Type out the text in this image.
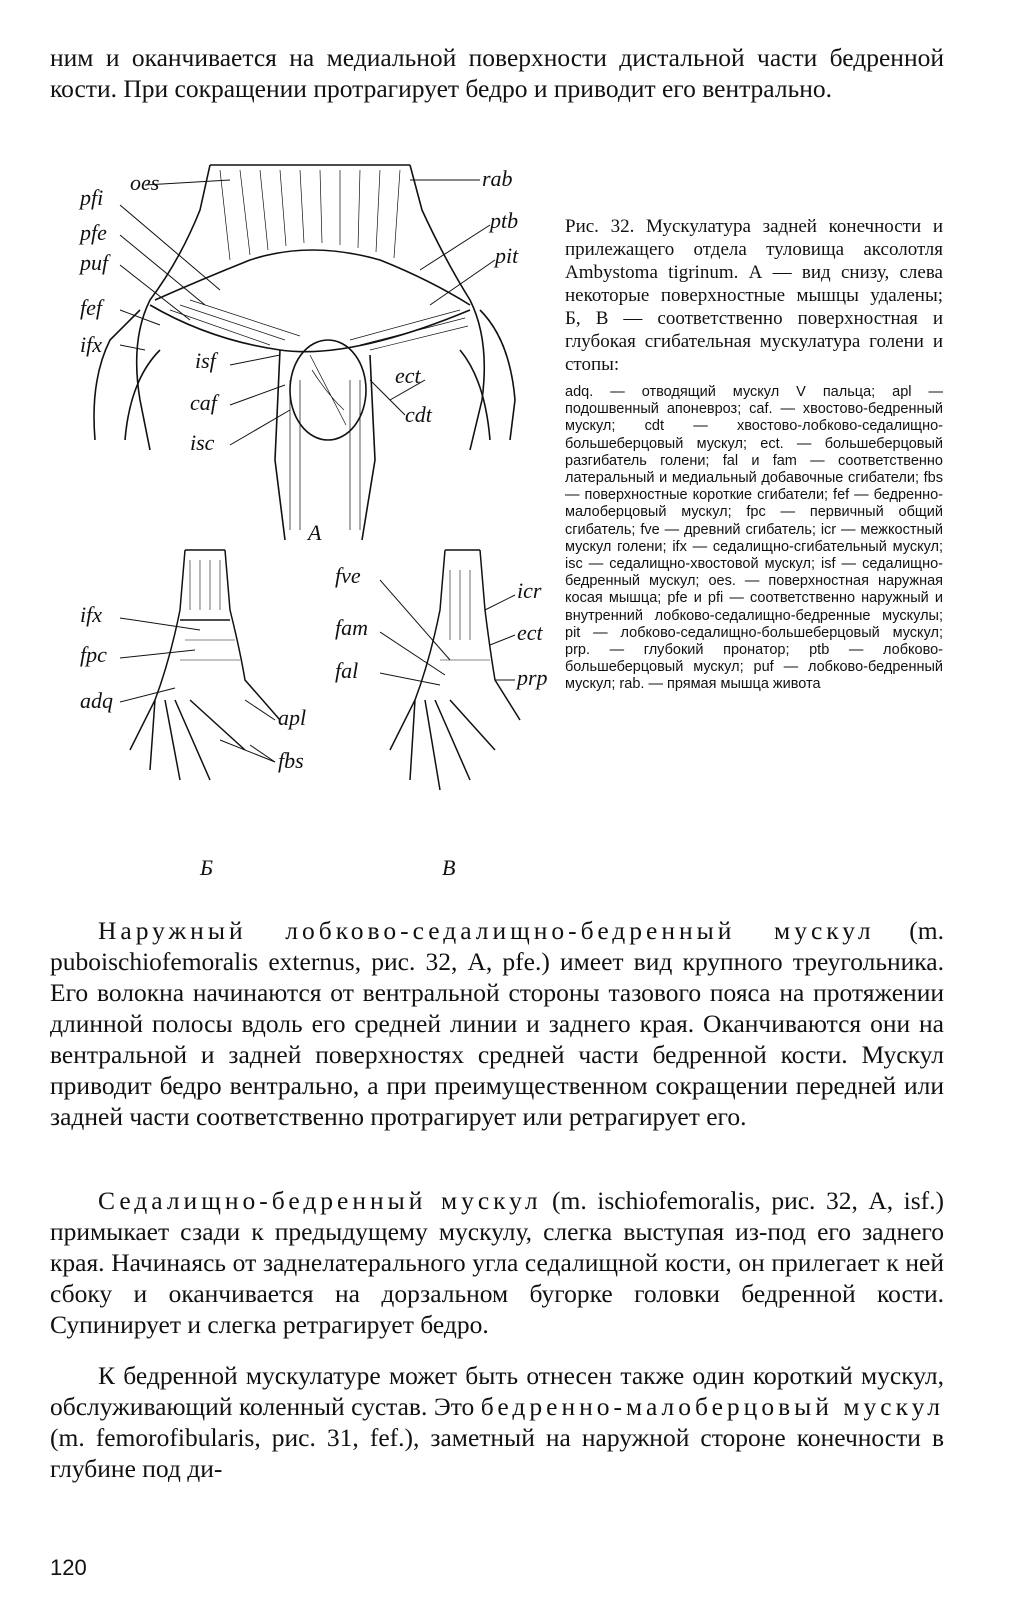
ним и оканчивается на медиальной поверхности дистальной части бедренной кости. При сокращении протрагирует бедро и приводит его вентрально.

oes	rab
pfi
pfe
puf
fef
ifx
ptb
pit
ect
cdt
isf
caf
isc
А
ifx
fpc
adq
apl
fbs
Б
fve
fam
fal
icr
ect
prp
В

Рис. 32. Мускулатура задней конечности и прилежащего отдела туловища аксолотля Ambystoma tigrinum. А — вид снизу, слева некоторые поверхностные мышцы удалены; Б, В — соответственно поверхностная и глубокая сгибательная мускулатура голени и стопы:

adq. — отводящий мускул V пальца; apl — подошвенный апоневроз; caf. — хвостово-бедренный мускул; cdt — хвостово-лобково-седалищно-большеберцовый мускул; ect. — большеберцовый разгибатель голени; fal и fam — соответственно латеральный и медиальный добавочные сгибатели; fbs — поверхностные короткие сгибатели; fef — бедренно-малоберцовый мускул; fpc — первичный общий сгибатель; fve — древний сгибатель; icr — межкостный мускул голени; ifx — седалищно-сгибательный мускул; isc — седалищно-хвостовой мускул; isf — седалищно-бедренный мускул; oes. — поверхностная наружная косая мышца; pfe и pfi — соответственно наружный и внутренний лобково-седалищно-бедренные мускулы; pit — лобково-седалищно-большеберцовый мускул; prp. — глубокий пронатор; ptb — лобково-большеберцовый мускул; puf — лобково-бедренный мускул; rab. — прямая мышца живота

Наружный лобково-седалищно-бедренный мускул (m. puboischiofemoralis externus, рис. 32, А, pfe.) имеет вид крупного треугольника. Его волокна начинаются от вентральной стороны тазового пояса на протяжении длинной полосы вдоль его средней линии и заднего края. Оканчиваются они на вентральной и задней поверхностях средней части бедренной кости. Мускул приводит бедро вентрально, а при преимущественном сокращении передней или задней части соответственно протрагирует или ретрагирует его.

Седалищно-бедренный мускул (m. ischiofemoralis, рис. 32, А, isf.) примыкает сзади к предыдущему мускулу, слегка выступая из-под его заднего края. Начинаясь от заднелатерального угла седалищной кости, он прилегает к ней сбоку и оканчивается на дорзальном бугорке головки бедренной кости. Супинирует и слегка ретрагирует бедро.

К бедренной мускулатуре может быть отнесен также один короткий мускул, обслуживающий коленный сустав. Это бедренно-малоберцовый мускул (m. femorofibularis, рис. 31, fef.), заметный на наружной стороне конечности в глубине под ди-

120
